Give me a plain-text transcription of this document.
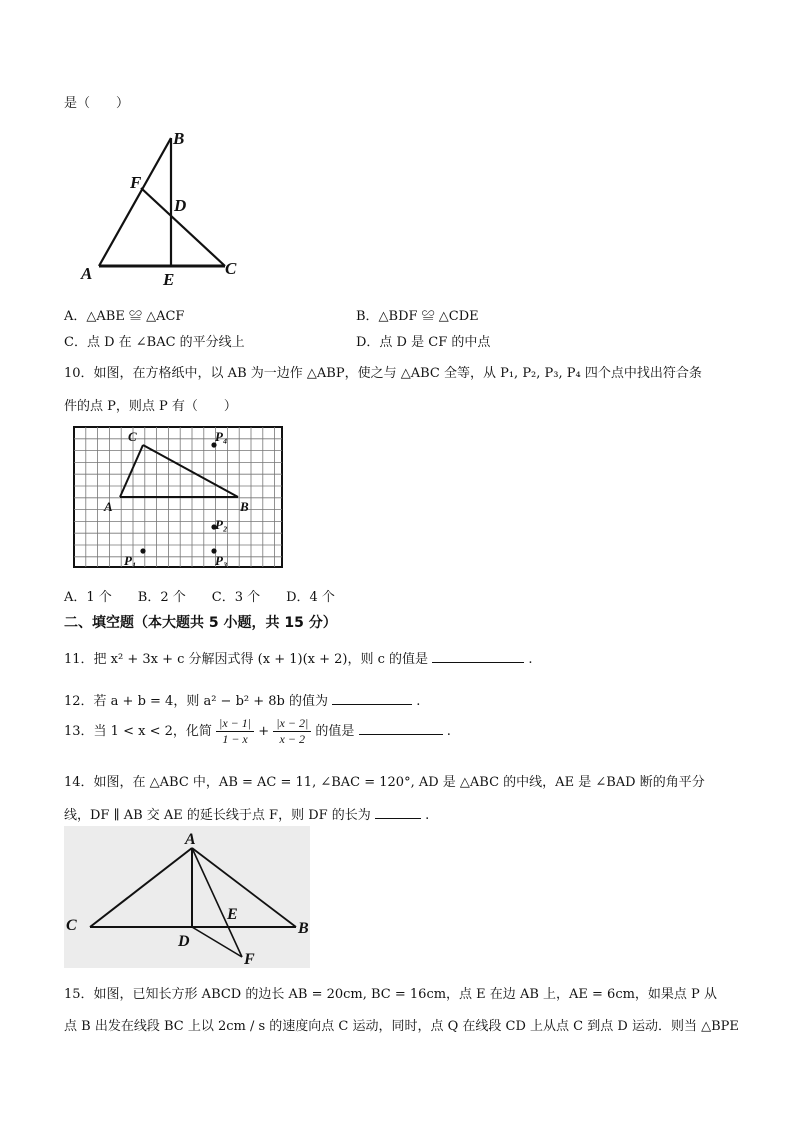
是（　　）
B
F
D
A	E
C
A．△ABE ≌ △ACF	B．△BDF ≌ △CDE
C．点 D 在 ∠BAC 的平分线上	D．点 D 是 CF 的中点
10．如图，在方格纸中，以 AB 为一边作 △ABP，使之与 △ABC 全等，从 P₁, P₂, P₃, P₄ 四个点中找出符合条
件的点 P，则点 P 有（　　）
C
A	B
P₄
P₂
P₃
P₁
A．1 个　　B．2 个　　C．3 个　　D．4 个
二、填空题（本大题共 5 小题，共 15 分）
11．把 x² + 3x + c 分解因式得 (x + 1)(x + 2)，则 c 的值是	.
12．若 a + b = 4，则 a² − b² + 8b 的值为	.
13．当 1 < x < 2，化简 $\frac{|x - 1|}{1 - x} + \frac{|x - 2|}{x - 2}$ 的值是	.
14．如图，在 △ABC 中，AB = AC = 11, ∠BAC = 120°, AD 是 △ABC 的中线，AE 是 ∠BAD 断的角平分
线，DF ∥ AB 交 AE 的延长线于点 F，则 DF 的长为	.
A
C	B
E
D
F
15．如图，已知长方形 ABCD 的边长 AB = 20cm, BC = 16cm，点 E 在边 AB 上，AE = 6cm，如果点 P 从
点 B 出发在线段 BC 上以 2cm / s 的速度向点 C 运动，同时，点 Q 在线段 CD 上从点 C 到点 D 运动．则当 △BPE
